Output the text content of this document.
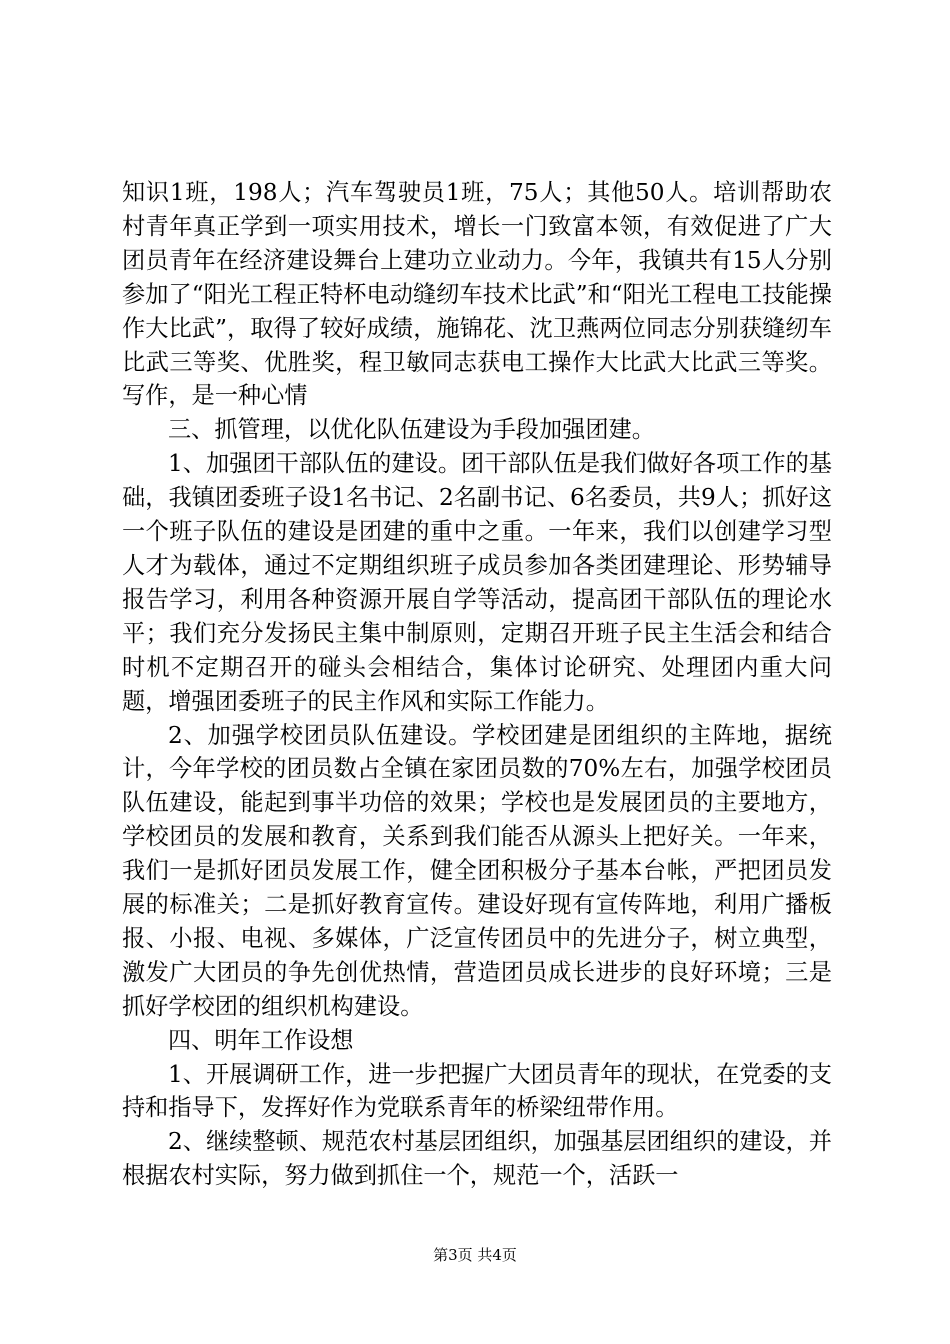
知识1班，198人；汽车驾驶员1班，75人；其他50人。培训帮助农村青年真正学到一项实用技术，增长一门致富本领，有效促进了广大团员青年在经济建设舞台上建功立业动力。今年，我镇共有15人分别参加了“阳光工程正特杯电动缝纫车技术比武”和“阳光工程电工技能操作大比武”，取得了较好成绩，施锦花、沈卫燕两位同志分别获缝纫车比武三等奖、优胜奖，程卫敏同志获电工操作大比武大比武三等奖。写作，是一种心情

三、抓管理，以优化队伍建设为手段加强团建。

1、加强团干部队伍的建设。团干部队伍是我们做好各项工作的基础，我镇团委班子设1名书记、2名副书记、6名委员，共9人；抓好这一个班子队伍的建设是团建的重中之重。一年来，我们以创建学习型人才为载体，通过不定期组织班子成员参加各类团建理论、形势辅导报告学习，利用各种资源开展自学等活动，提高团干部队伍的理论水平；我们充分发扬民主集中制原则，定期召开班子民主生活会和结合时机不定期召开的碰头会相结合，集体讨论研究、处理团内重大问题，增强团委班子的民主作风和实际工作能力。

2、加强学校团员队伍建设。学校团建是团组织的主阵地，据统计，今年学校的团员数占全镇在家团员数的70%左右，加强学校团员队伍建设，能起到事半功倍的效果；学校也是发展团员的主要地方，学校团员的发展和教育，关系到我们能否从源头上把好关。一年来，我们一是抓好团员发展工作，健全团积极分子基本台帐，严把团员发展的标准关；二是抓好教育宣传。建设好现有宣传阵地，利用广播板报、小报、电视、多媒体，广泛宣传团员中的先进分子，树立典型，激发广大团员的争先创优热情，营造团员成长进步的良好环境；三是抓好学校团的组织机构建设。

四、明年工作设想

1、开展调研工作，进一步把握广大团员青年的现状，在党委的支持和指导下，发挥好作为党联系青年的桥梁纽带作用。

2、继续整顿、规范农村基层团组织，加强基层团组织的建设，并根据农村实际，努力做到抓住一个，规范一个，活跃一

第3页 共4页
